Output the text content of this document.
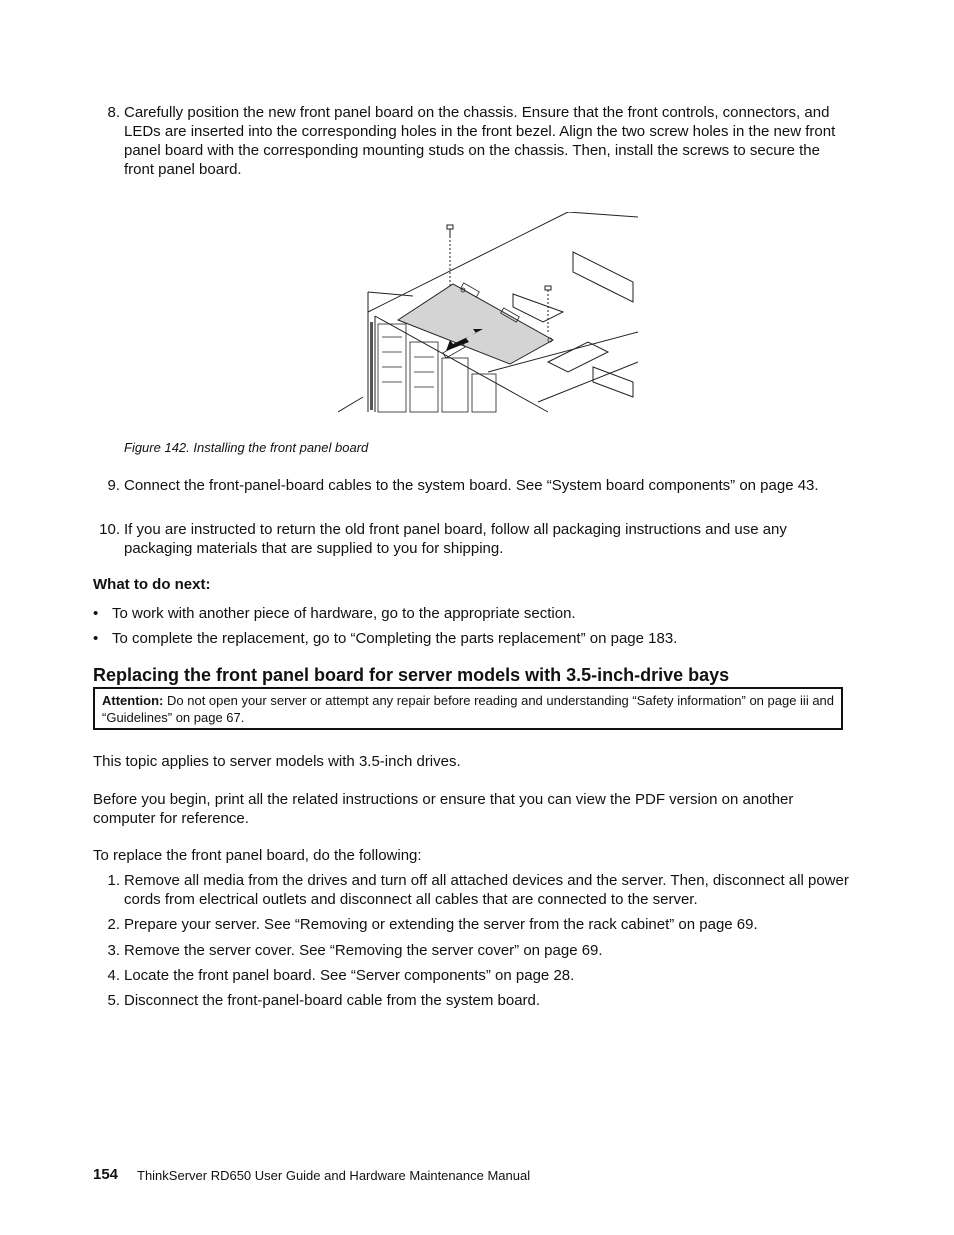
8. Carefully position the new front panel board on the chassis. Ensure that the front controls, connectors, and LEDs are inserted into the corresponding holes in the front bezel. Align the two screw holes in the new front panel board with the corresponding mounting studs on the chassis. Then, install the screws to secure the front panel board.
Figure 142. Installing the front panel board
9. Connect the front-panel-board cables to the system board. See “System board components” on page 43.
10. If you are instructed to return the old front panel board, follow all packaging instructions and use any packaging materials that are supplied to you for shipping.
What to do next:
• To work with another piece of hardware, go to the appropriate section.
• To complete the replacement, go to “Completing the parts replacement” on page 183.
Replacing the front panel board for server models with 3.5-inch-drive bays
Attention: Do not open your server or attempt any repair before reading and understanding “Safety information” on page iii and “Guidelines” on page 67.
This topic applies to server models with 3.5-inch drives.
Before you begin, print all the related instructions or ensure that you can view the PDF version on another computer for reference.
To replace the front panel board, do the following:
1. Remove all media from the drives and turn off all attached devices and the server. Then, disconnect all power cords from electrical outlets and disconnect all cables that are connected to the server.
2. Prepare your server. See “Removing or extending the server from the rack cabinet” on page 69.
3. Remove the server cover. See “Removing the server cover” on page 69.
4. Locate the front panel board. See “Server components” on page 28.
5. Disconnect the front-panel-board cable from the system board.
154 ThinkServer RD650 User Guide and Hardware Maintenance Manual
